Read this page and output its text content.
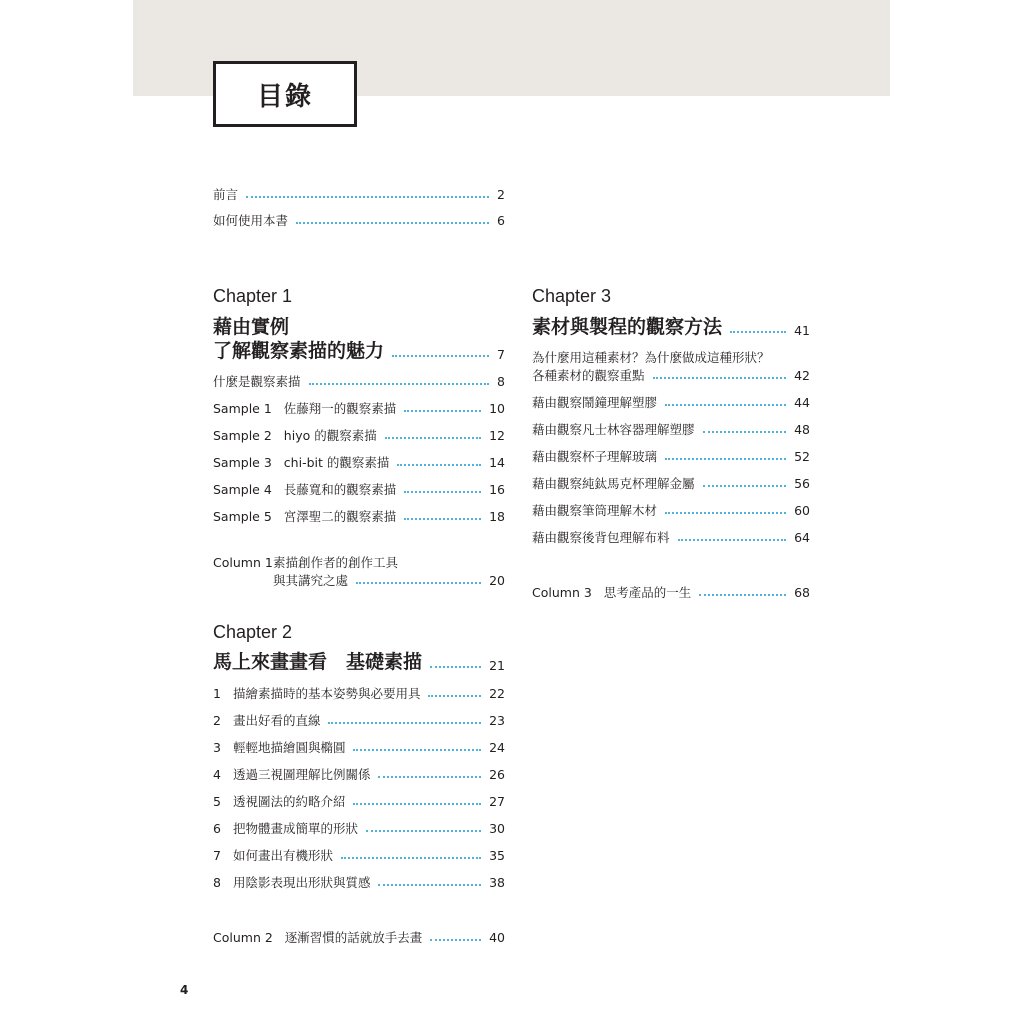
目錄
前言	2
如何使用本書	6
Chapter 1
藉由實例
了解觀察素描的魅力	7
什麼是觀察素描	8
Sample 1 佐藤翔一的觀察素描	10
Sample 2 hiyo 的觀察素描	12
Sample 3 chi-bit 的觀察素描	14
Sample 4 長藤寬和的觀察素描	16
Sample 5 宮澤聖二的觀察素描	18
Column 1 素描創作者的創作工具
與其講究之處	20
Chapter 2
馬上來畫畫看　基礎素描	21
1 描繪素描時的基本姿勢與必要用具	22
2 畫出好看的直線	23
3 輕輕地描繪圓與橢圓	24
4 透過三視圖理解比例關係	26
5 透視圖法的約略介紹	27
6 把物體畫成簡單的形狀	30
7 如何畫出有機形狀	35
8 用陰影表現出形狀與質感	38
Column 2 逐漸習慣的話就放手去畫	40
Chapter 3
素材與製程的觀察方法	41
為什麼用這種素材？為什麼做成這種形狀？
各種素材的觀察重點	42
藉由觀察鬧鐘理解塑膠	44
藉由觀察凡士林容器理解塑膠	48
藉由觀察杯子理解玻璃	52
藉由觀察純鈦馬克杯理解金屬	56
藉由觀察筆筒理解木材	60
藉由觀察後背包理解布料	64
Column 3 思考產品的一生	68
4
